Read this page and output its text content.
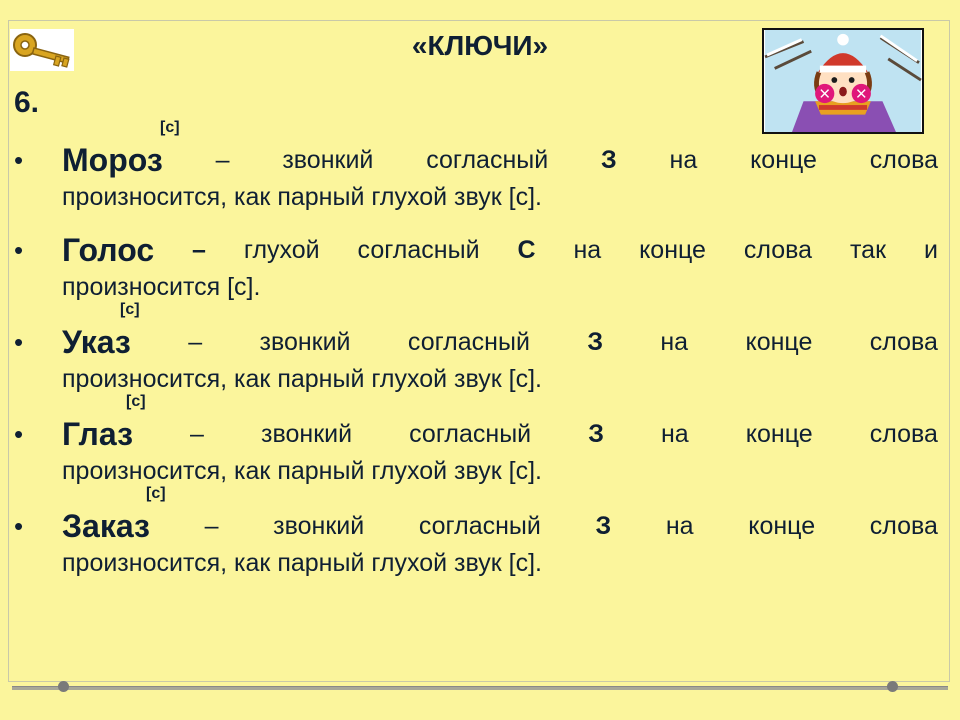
«КЛЮЧИ»
6.
• Мороз
[с]
– звонкий согласный З на конце слова
произносится, как парный глухой звук [с].
• Голос – глухой согласный С на конце слова так и
произносится [с].
• Указ
[с]
– звонкий согласный З на конце слова
произносится, как парный глухой звук [с].
• Глаз
[с]
– звонкий согласный З на конце слова
произносится, как парный глухой звук [с].
• Заказ
[с]
– звонкий согласный З на конце слова
произносится, как парный глухой звук [с].
